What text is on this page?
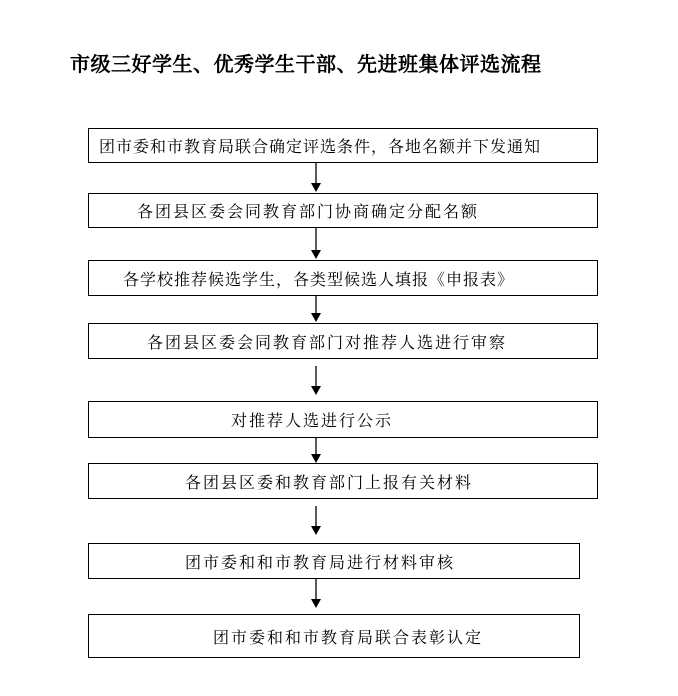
市级三好学生、优秀学生干部、先进班集体评选流程
团市委和市教育局联合确定评选条件，各地名额并下发通知
各团县区委会同教育部门协商确定分配名额
各学校推荐候选学生，各类型候选人填报《申报表》
各团县区委会同教育部门对推荐人选进行审察
对推荐人选进行公示
各团县区委和教育部门上报有关材料
团市委和和市教育局进行材料审核
团市委和和市教育局联合表彰认定
